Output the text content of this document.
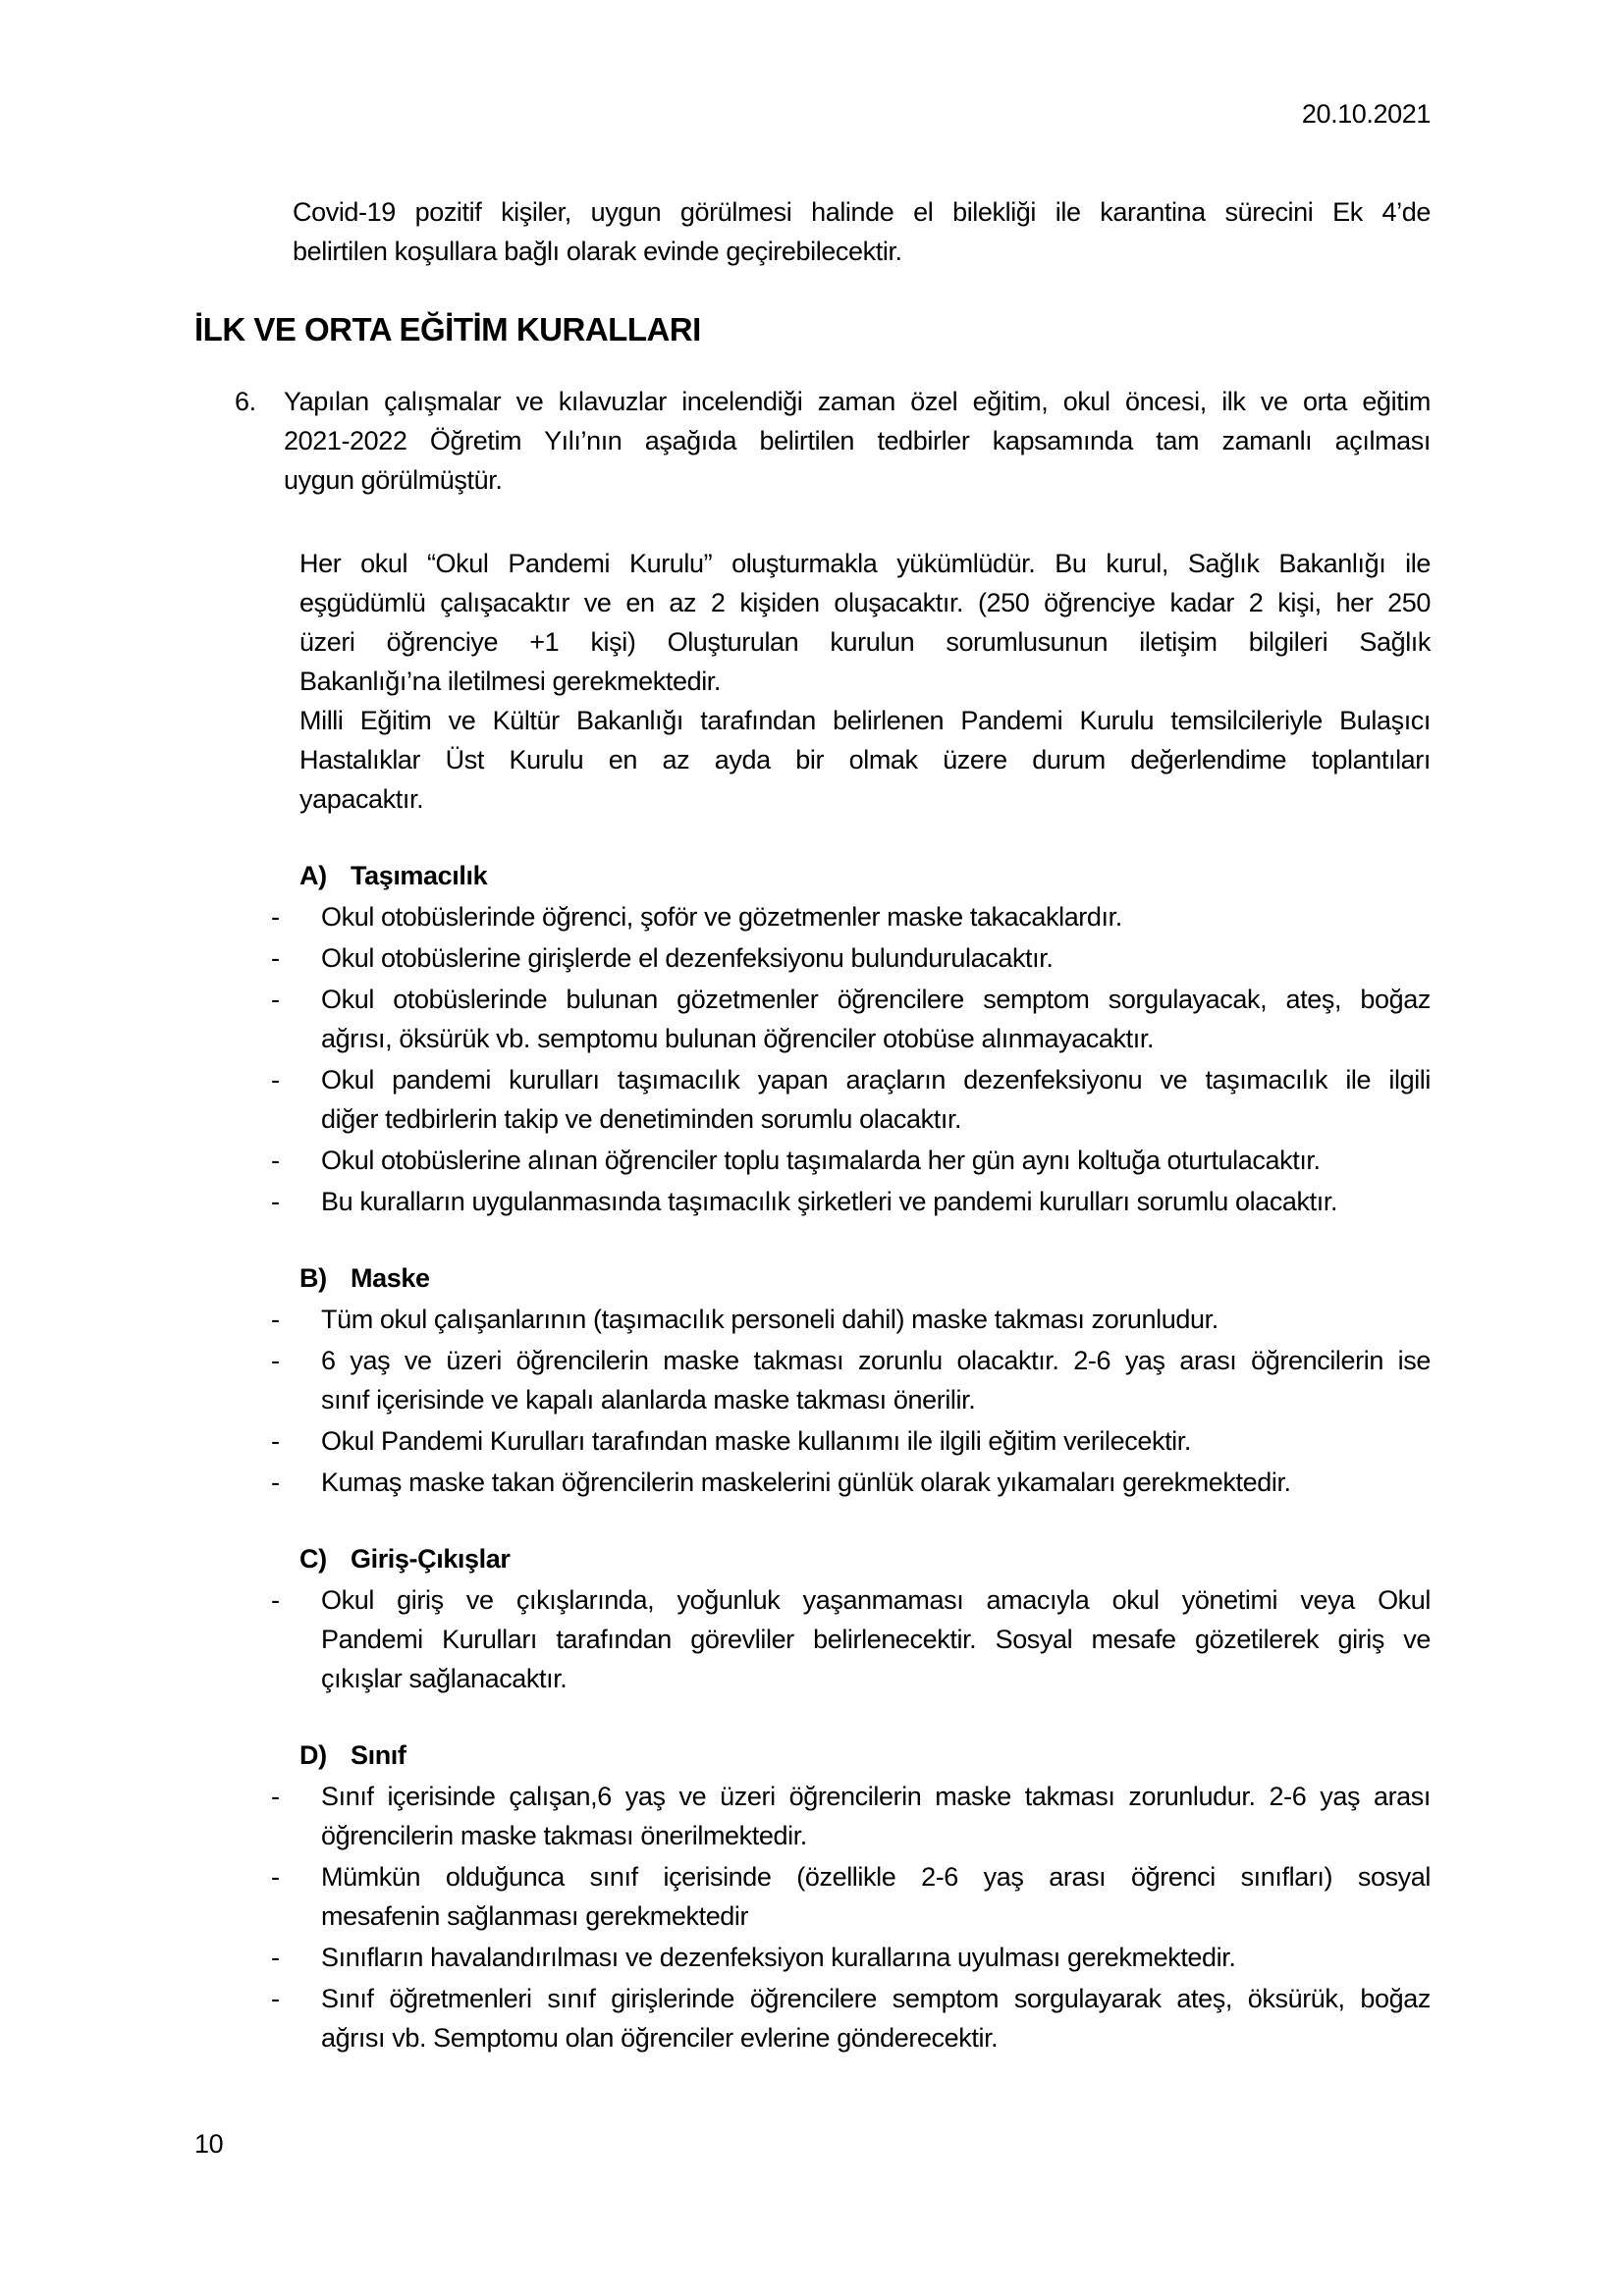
20.10.2021
Covid-19 pozitif kişiler, uygun görülmesi halinde el bilekliği ile karantina sürecini Ek 4’de
belirtilen koşullara bağlı olarak evinde geçirebilecektir.
İLK VE ORTA EĞİTİM KURALLARI
6.	Yapılan çalışmalar ve kılavuzlar incelendiği zaman özel eğitim, okul öncesi, ilk ve orta eğitim
2021-2022 Öğretim Yılı’nın aşağıda belirtilen tedbirler kapsamında tam zamanlı açılması
uygun görülmüştür.
Her okul “Okul Pandemi Kurulu” oluşturmakla yükümlüdür. Bu kurul, Sağlık Bakanlığı ile
eşgüdümlü çalışacaktır ve en az 2 kişiden oluşacaktır. (250 öğrenciye kadar 2 kişi, her 250
üzeri öğrenciye +1 kişi) Oluşturulan kurulun sorumlusunun iletişim bilgileri Sağlık
Bakanlığı’na iletilmesi gerekmektedir.
Milli Eğitim ve Kültür Bakanlığı tarafından belirlenen Pandemi Kurulu temsilcileriyle Bulaşıcı
Hastalıklar Üst Kurulu en az ayda bir olmak üzere durum değerlendime toplantıları
yapacaktır.
A) Taşımacılık
-	Okul otobüslerinde öğrenci, şoför ve gözetmenler maske takacaklardır.
-	Okul otobüslerine girişlerde el dezenfeksiyonu bulundurulacaktır.
-	Okul otobüslerinde bulunan gözetmenler öğrencilere semptom sorgulayacak, ateş, boğaz
ağrısı, öksürük vb. semptomu bulunan öğrenciler otobüse alınmayacaktır.
-	Okul pandemi kurulları taşımacılık yapan araçların dezenfeksiyonu ve taşımacılık ile ilgili
diğer tedbirlerin takip ve denetiminden sorumlu olacaktır.
-	Okul otobüslerine alınan öğrenciler toplu taşımalarda her gün aynı koltuğa oturtulacaktır.
-	Bu kuralların uygulanmasında taşımacılık şirketleri ve pandemi kurulları sorumlu olacaktır.
B) Maske
-	Tüm okul çalışanlarının (taşımacılık personeli dahil) maske takması zorunludur.
-	6 yaş ve üzeri öğrencilerin maske takması zorunlu olacaktır. 2-6 yaş arası öğrencilerin ise
sınıf içerisinde ve kapalı alanlarda maske takması önerilir.
-	Okul Pandemi Kurulları tarafından maske kullanımı ile ilgili eğitim verilecektir.
-	Kumaş maske takan öğrencilerin maskelerini günlük olarak yıkamaları gerekmektedir.
C) Giriş-Çıkışlar
-	Okul giriş ve çıkışlarında, yoğunluk yaşanmaması amacıyla okul yönetimi veya Okul
Pandemi Kurulları tarafından görevliler belirlenecektir. Sosyal mesafe gözetilerek giriş ve
çıkışlar sağlanacaktır.
D) Sınıf
-	Sınıf içerisinde çalışan,6 yaş ve üzeri öğrencilerin maske takması zorunludur. 2-6 yaş arası
öğrencilerin maske takması önerilmektedir.
-	Mümkün olduğunca sınıf içerisinde (özellikle 2-6 yaş arası öğrenci sınıfları) sosyal
mesafenin sağlanması gerekmektedir
-	Sınıfların havalandırılması ve dezenfeksiyon kurallarına uyulması gerekmektedir.
-	Sınıf öğretmenleri sınıf girişlerinde öğrencilere semptom sorgulayarak ateş, öksürük, boğaz
ağrısı vb. Semptomu olan öğrenciler evlerine gönderecektir.
10
